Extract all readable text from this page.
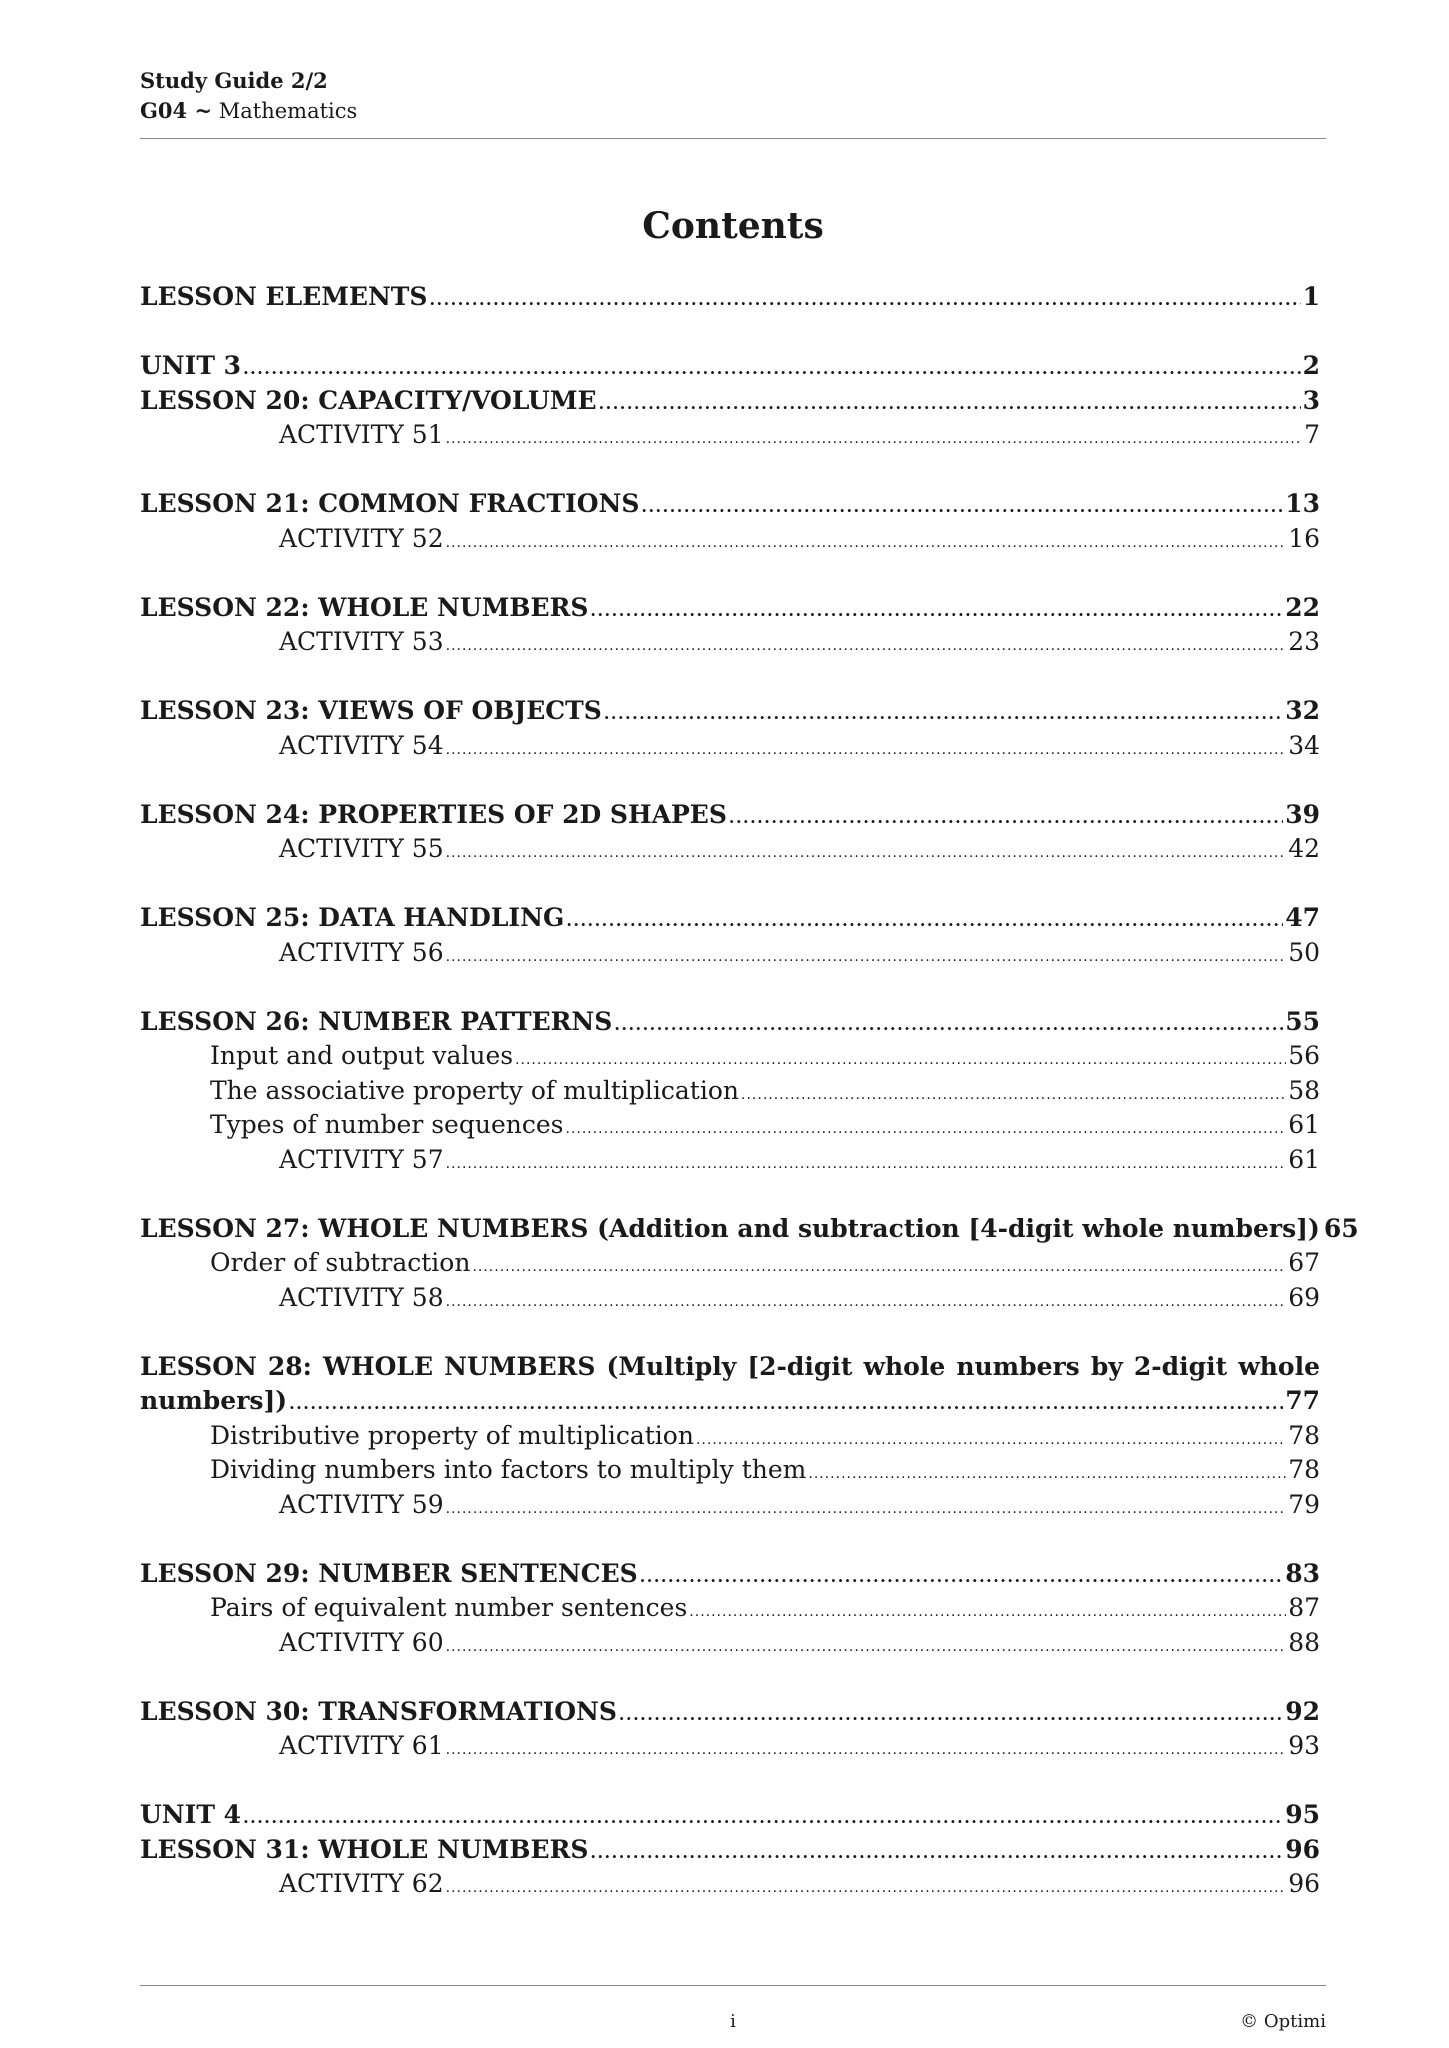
Study Guide 2/2
G04 ~ Mathematics
Contents
LESSON ELEMENTS .....	1
UNIT 3 .....	2
LESSON 20: CAPACITY/VOLUME .....	3
ACTIVITY 51 .....	7
LESSON 21: COMMON FRACTIONS .....	13
ACTIVITY 52 .....	16
LESSON 22: WHOLE NUMBERS .....	22
ACTIVITY 53 .....	23
LESSON 23: VIEWS OF OBJECTS .....	32
ACTIVITY 54 .....	34
LESSON 24: PROPERTIES OF 2D SHAPES .....	39
ACTIVITY 55 .....	42
LESSON 25: DATA HANDLING .....	47
ACTIVITY 56 .....	50
LESSON 26: NUMBER PATTERNS .....	55
Input and output values .....	56
The associative property of multiplication .....	58
Types of number sequences .....	61
ACTIVITY 57 .....	61
LESSON 27: WHOLE NUMBERS (Addition and subtraction [4-digit whole numbers]) 65
Order of subtraction .....	67
ACTIVITY 58 .....	69
LESSON 28: WHOLE NUMBERS (Multiply [2-digit whole numbers by 2-digit whole
numbers]) .....	77
Distributive property of multiplication .....	78
Dividing numbers into factors to multiply them .....	78
ACTIVITY 59 .....	79
LESSON 29: NUMBER SENTENCES .....	83
Pairs of equivalent number sentences .....	87
ACTIVITY 60 .....	88
LESSON 30: TRANSFORMATIONS .....	92
ACTIVITY 61 .....	93
UNIT 4 .....	95
LESSON 31: WHOLE NUMBERS .....	96
ACTIVITY 62 .....	96
i	© Optimi
